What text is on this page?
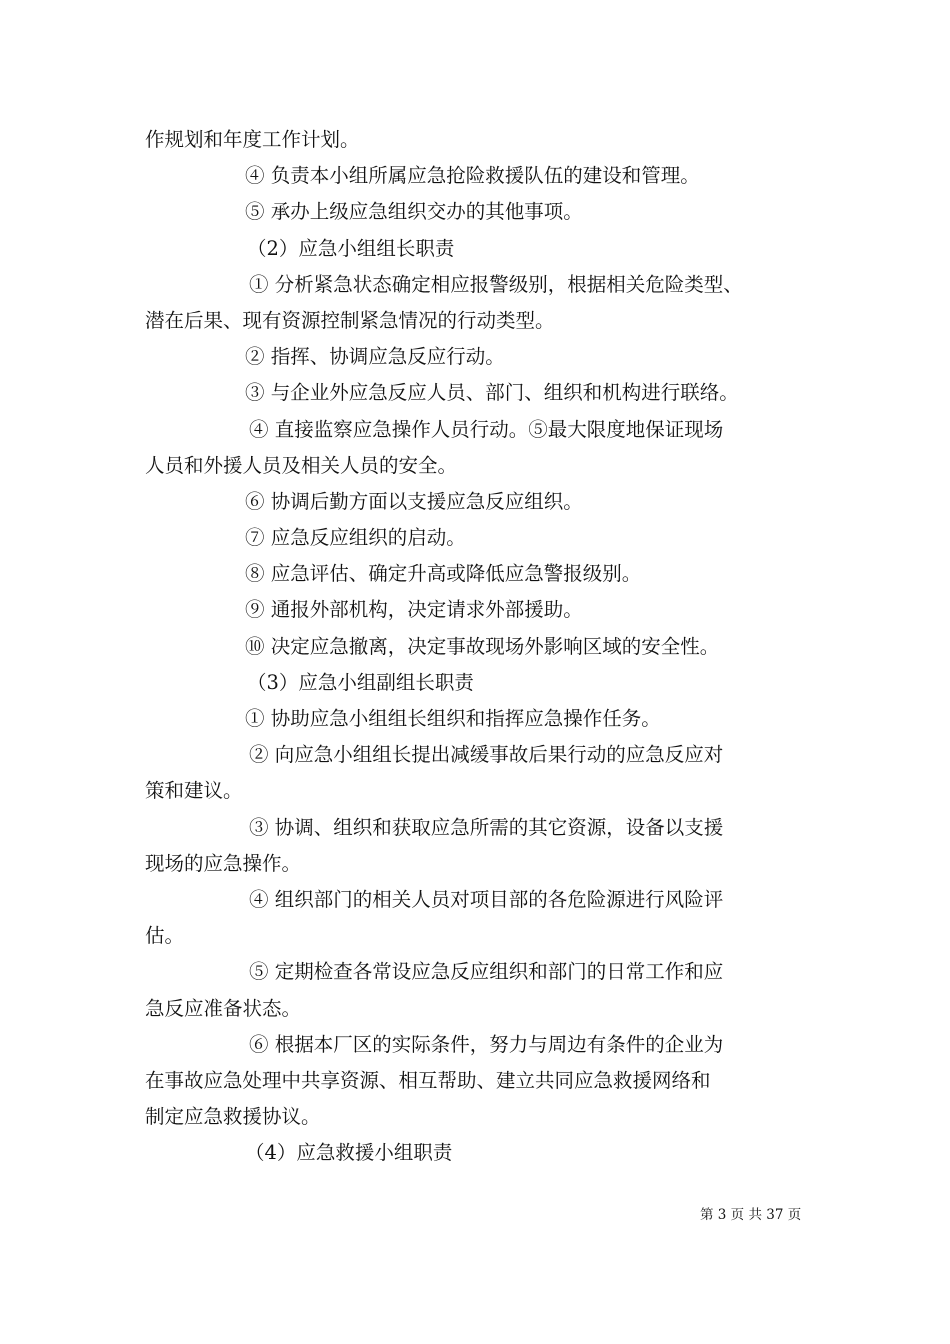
作规划和年度工作计划。
④ 负责本小组所属应急抢险救援队伍的建设和管理。
⑤ 承办上级应急组织交办的其他事项。
（2）应急小组组长职责
① 分析紧急状态确定相应报警级别，根据相关危险类型、
潜在后果、现有资源控制紧急情况的行动类型。
② 指挥、协调应急反应行动。
③ 与企业外应急反应人员、部门、组织和机构进行联络。
④ 直接监察应急操作人员行动。⑤最大限度地保证现场
人员和外援人员及相关人员的安全。
⑥ 协调后勤方面以支援应急反应组织。
⑦ 应急反应组织的启动。
⑧ 应急评估、确定升高或降低应急警报级别。
⑨ 通报外部机构，决定请求外部援助。
⑩ 决定应急撤离，决定事故现场外影响区域的安全性。
（3）应急小组副组长职责
① 协助应急小组组长组织和指挥应急操作任务。
② 向应急小组组长提出减缓事故后果行动的应急反应对
策和建议。
③ 协调、组织和获取应急所需的其它资源，设备以支援
现场的应急操作。
④ 组织部门的相关人员对项目部的各危险源进行风险评
估。
⑤ 定期检查各常设应急反应组织和部门的日常工作和应
急反应准备状态。
⑥ 根据本厂区的实际条件，努力与周边有条件的企业为
在事故应急处理中共享资源、相互帮助、建立共同应急救援网络和
制定应急救援协议。
（4）应急救援小组职责
第 3 页 共 37 页
